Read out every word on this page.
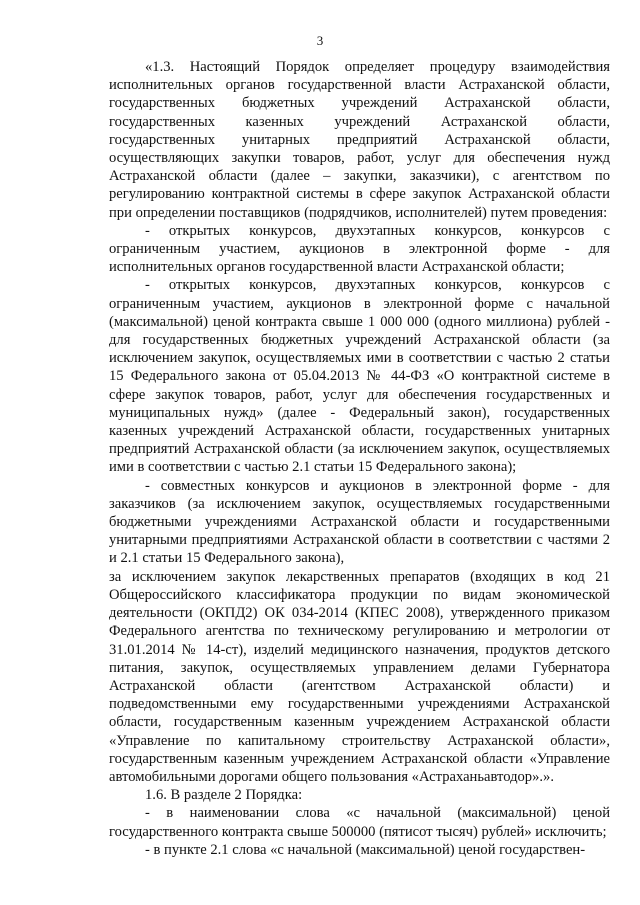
3

«1.3. Настоящий Порядок определяет процедуру взаимодействия исполнительных органов государственной власти Астраханской области, государственных бюджетных учреждений Астраханской области, государственных казенных учреждений Астраханской области, государственных унитарных предприятий Астраханской области, осуществляющих закупки товаров, работ, услуг для обеспечения нужд Астраханской области (далее – закупки, заказчики), с агентством по регулированию контрактной системы в сфере закупок Астраханской области при определении поставщиков (подрядчиков, исполнителей) путем проведения:

- открытых конкурсов, двухэтапных конкурсов, конкурсов с ограниченным участием, аукционов в электронной форме - для исполнительных органов государственной власти Астраханской области;

- открытых конкурсов, двухэтапных конкурсов, конкурсов с ограниченным участием, аукционов в электронной форме с начальной (максимальной) ценой контракта свыше 1 000 000 (одного миллиона) рублей - для государственных бюджетных учреждений Астраханской области (за исключением закупок, осуществляемых ими в соответствии с частью 2 статьи 15 Федерального закона от 05.04.2013 № 44-ФЗ «О контрактной системе в сфере закупок товаров, работ, услуг для обеспечения государственных и муниципальных нужд» (далее - Федеральный закон), государственных казенных учреждений Астраханской области, государственных унитарных предприятий Астраханской области (за исключением закупок, осуществляемых ими в соответствии с частью 2.1 статьи 15 Федерального закона);

- совместных конкурсов и аукционов в электронной форме - для заказчиков (за исключением закупок, осуществляемых государственными бюджетными учреждениями Астраханской области и государственными унитарными предприятиями Астраханской области в соответствии с частями 2 и 2.1 статьи 15 Федерального закона),

за исключением закупок лекарственных препаратов (входящих в код 21 Общероссийского классификатора продукции по видам экономической деятельности (ОКПД2) ОК 034-2014 (КПЕС 2008), утвержденного приказом Федерального агентства по техническому регулированию и метрологии от 31.01.2014 № 14-ст), изделий медицинского назначения, продуктов детского питания, закупок, осуществляемых управлением делами Губернатора Астраханской области (агентством Астраханской области) и подведомственными ему государственными учреждениями Астраханской области, государственным казенным учреждением Астраханской области «Управление по капитальному строительству Астраханской области», государственным казенным учреждением Астраханской области «Управление автомобильными дорогами общего пользования «Астраханьавтодор».».

1.6. В разделе 2 Порядка:

- в наименовании слова «с начальной (максимальной) ценой государственного контракта свыше 500000 (пятисот тысяч) рублей» исключить;

- в пункте 2.1 слова «с начальной (максимальной) ценой государствен-
